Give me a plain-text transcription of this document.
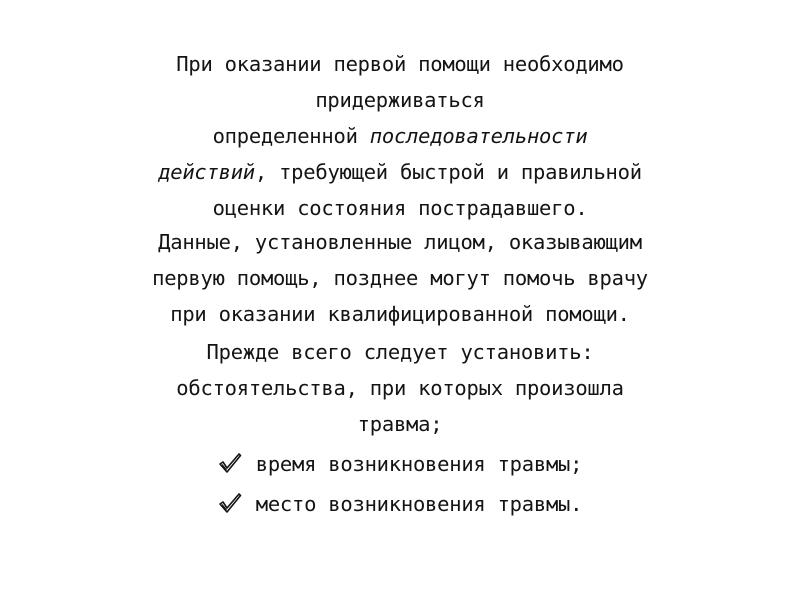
При оказании первой помощи необходимо
придерживаться
определенной последовательности
действий, требующей быстрой и правильной
оценки состояния пострадавшего.
Данные, установленные лицом, оказывающим
первую помощь, позднее могут помочь врачу
при оказании квалифицированной помощи.
Прежде всего следует установить:
обстоятельства, при которых произошла
травма;
время возникновения травмы;
место возникновения травмы.
